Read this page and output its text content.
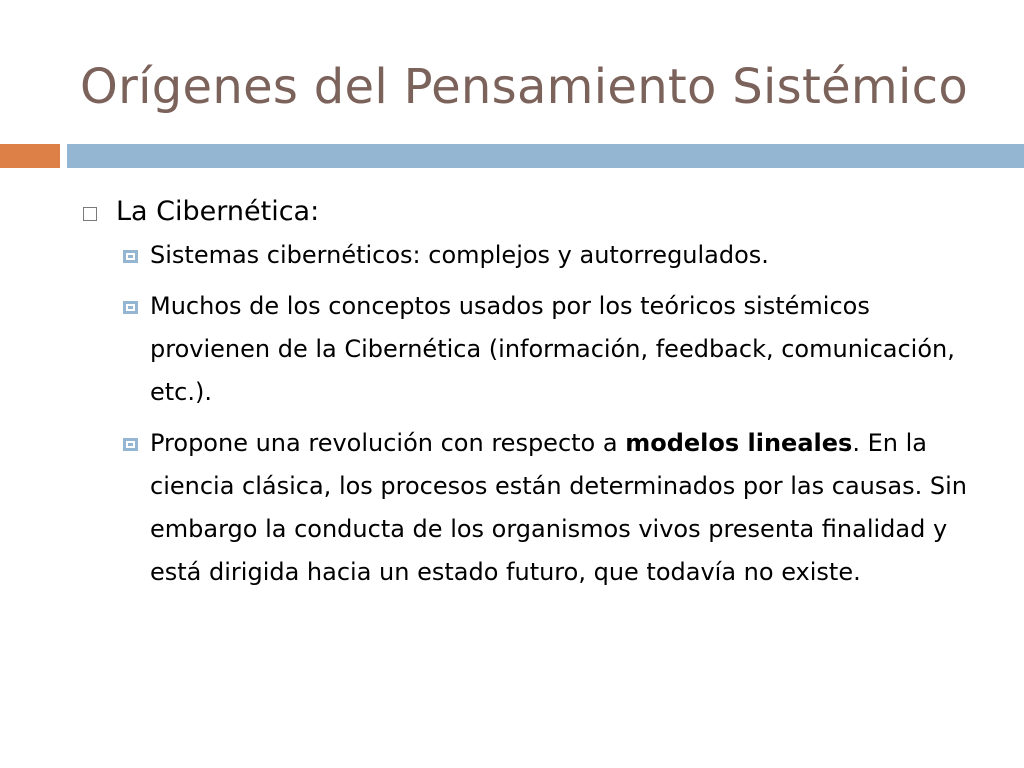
Orígenes del Pensamiento Sistémico
La Cibernética:
Sistemas cibernéticos: complejos y autorregulados.
Muchos de los conceptos usados por los teóricos sistémicos provienen de la Cibernética (información, feedback, comunicación, etc.).
Propone una revolución con respecto a modelos lineales. En la ciencia clásica, los procesos están determinados por las causas. Sin embargo la conducta de los organismos vivos presenta finalidad y está dirigida hacia un estado futuro, que todavía no existe.
